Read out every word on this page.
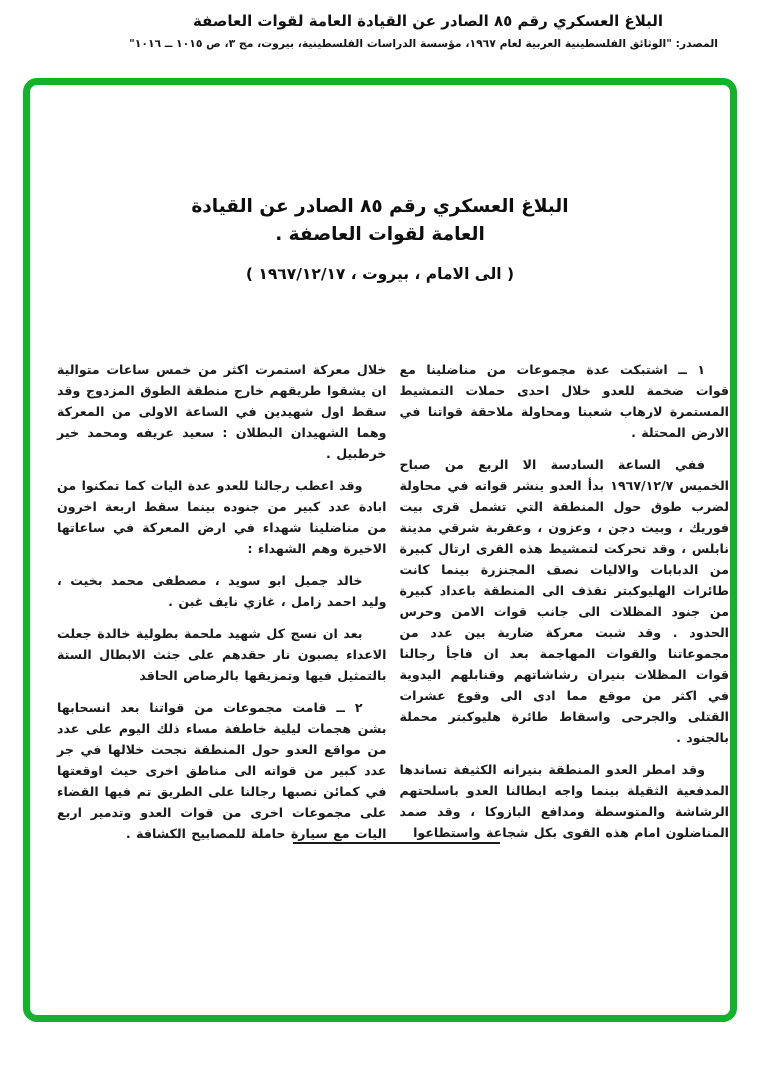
البلاغ العسكري رقم ٨٥ الصادر عن القيادة العامة لقوات العاصفة
المصدر: "الوثائق الفلسطينية العربية لعام ١٩٦٧، مؤسسة الدراسات الفلسطينية، بيروت، مج ٣، ص ١٠١٥ ــ ١٠١٦"
البلاغ العسكري رقم ٨٥ الصادر عن القيادة
العامة لقوات العاصفة .
( الى الامام ، بيروت ، ١٩٦٧/١٢/١٧ )

١ ــ اشتبكت عدة مجموعات من مناضلينا مع قوات ضخمة للعدو خلال احدى حملات التمشيط المستمرة لارهاب شعبنا ومحاولة ملاحقة قواتنا في الارض المحتلة .

ففي الساعة السادسة الا الربع من صباح الخميس ١٩٦٧/١٢/٧ بدأ العدو ينشر قواته في محاولة لضرب طوق حول المنطقة التي تشمل قرى بيت فوريك ، وبيت دجن ، وعزون ، وعقربة شرقي مدينة نابلس ، وقد تحركت لتمشيط هذه القرى ارتال كبيرة من الدبابات والاليات نصف المجنزرة بينما كانت طائرات الهليوكبتر تقذف الى المنطقة باعداد كبيرة من جنود المظلات الى جانب قوات الامن وحرس الحدود . وقد شبت معركة ضارية بين عدد من مجموعاتنا والقوات المهاجمة بعد ان فاجأ رجالنا قوات المظلات بنيران رشاشاتهم وقنابلهم اليدوية في اكثر من موقع مما ادى الى وقوع عشرات القتلى والجرحى واسقاط طائرة هليوكبتر محملة بالجنود .

وقد امطر العدو المنطقة بنيرانه الكثيفة تساندها المدفعية الثقيلة بينما واجه ابطالنا العدو باسلحتهم الرشاشة والمتوسطة ومدافع البازوكا ، وقد صمد المناضلون امام هذه القوى بكل شجاعة واستطاعوا

خلال معركة استمرت اكثر من خمس ساعات متوالية ان يشقوا طريقهم خارج منطقة الطوق المزدوج وقد سقط اول شهيدين في الساعة الاولى من المعركة وهما الشهيدان البطلان : سعيد عريفه ومحمد خير خرطبيل .

وقد اعطب رجالنا للعدو عدة اليات كما تمكنوا من ابادة عدد كبير من جنوده بينما سقط اربعة اخرون من مناضلينا شهداء في ارض المعركة في ساعاتها الاخيرة وهم الشهداء :

خالد جميل ابو سويد ، مصطفى محمد بخيت ، وليد احمد زامل ، غازي نايف غبن .

بعد ان نسج كل شهيد ملحمة بطولية خالدة جعلت الاعداء يصبون نار حقدهم على جثث الابطال الستة بالتمثيل فيها وتمزيقها بالرصاص الحاقد

٢ ــ قامت مجموعات من قواتنا بعد انسحابها بشن هجمات ليلية خاطفة مساء ذلك اليوم على عدد من مواقع العدو حول المنطقة نجحت خلالها في جر عدد كبير من قواته الى مناطق اخرى حيث اوقعتها في كمائن نصبها رجالنا على الطريق تم فيها القضاء على مجموعات اخرى من قوات العدو وتدمير اربع اليات مع سيارة حاملة للمصابيح الكشافة .
